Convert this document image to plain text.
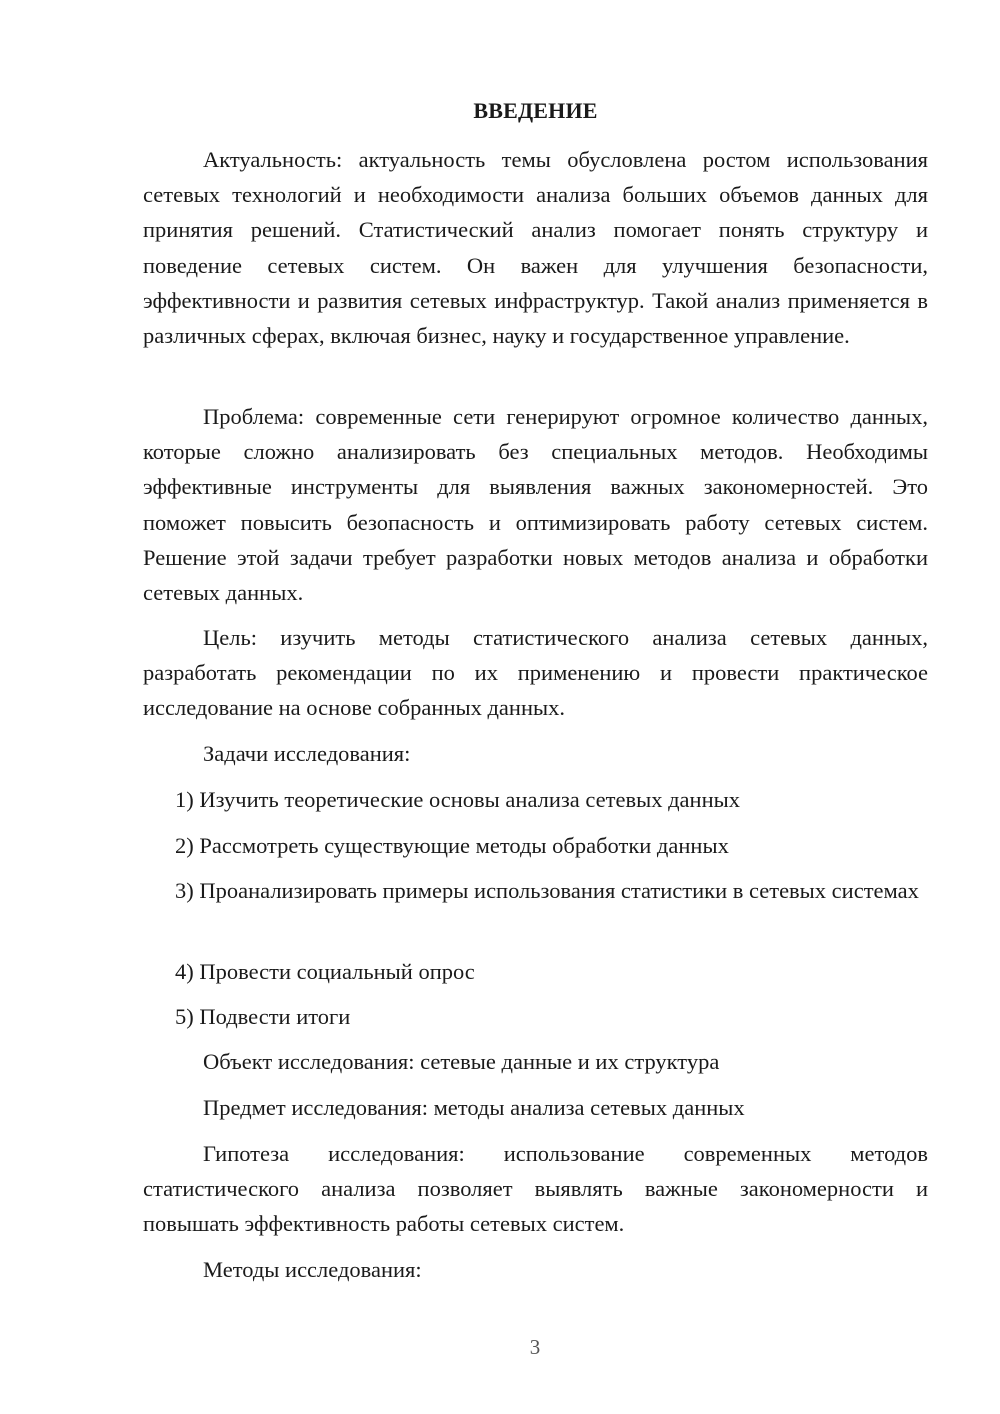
ВВЕДЕНИЕ

Актуальность: актуальность темы обусловлена ростом использования сетевых технологий и необходимости анализа больших объемов данных для принятия решений. Статистический анализ помогает понять структуру и поведение сетевых систем. Он важен для улучшения безопасности, эффективности и развития сетевых инфраструктур. Такой анализ применяется в различных сферах, включая бизнес, науку и государственное управление.

Проблема: современные сети генерируют огромное количество данных, которые сложно анализировать без специальных методов. Необходимы эффективные инструменты для выявления важных закономерностей. Это поможет повысить безопасность и оптимизировать работу сетевых систем. Решение этой задачи требует разработки новых методов анализа и обработки сетевых данных.

Цель: изучить методы статистического анализа сетевых данных, разработать рекомендации по их применению и провести практическое исследование на основе собранных данных.

Задачи исследования:

1) Изучить теоретические основы анализа сетевых данных

2) Рассмотреть существующие методы обработки данных

3) Проанализировать примеры использования статистики в сетевых системах

4) Провести социальный опрос

5) Подвести итоги

Объект исследования: сетевые данные и их структура

Предмет исследования: методы анализа сетевых данных

Гипотеза исследования: использование современных методов статистического анализа позволяет выявлять важные закономерности и повышать эффективность работы сетевых систем.

Методы исследования:

3
